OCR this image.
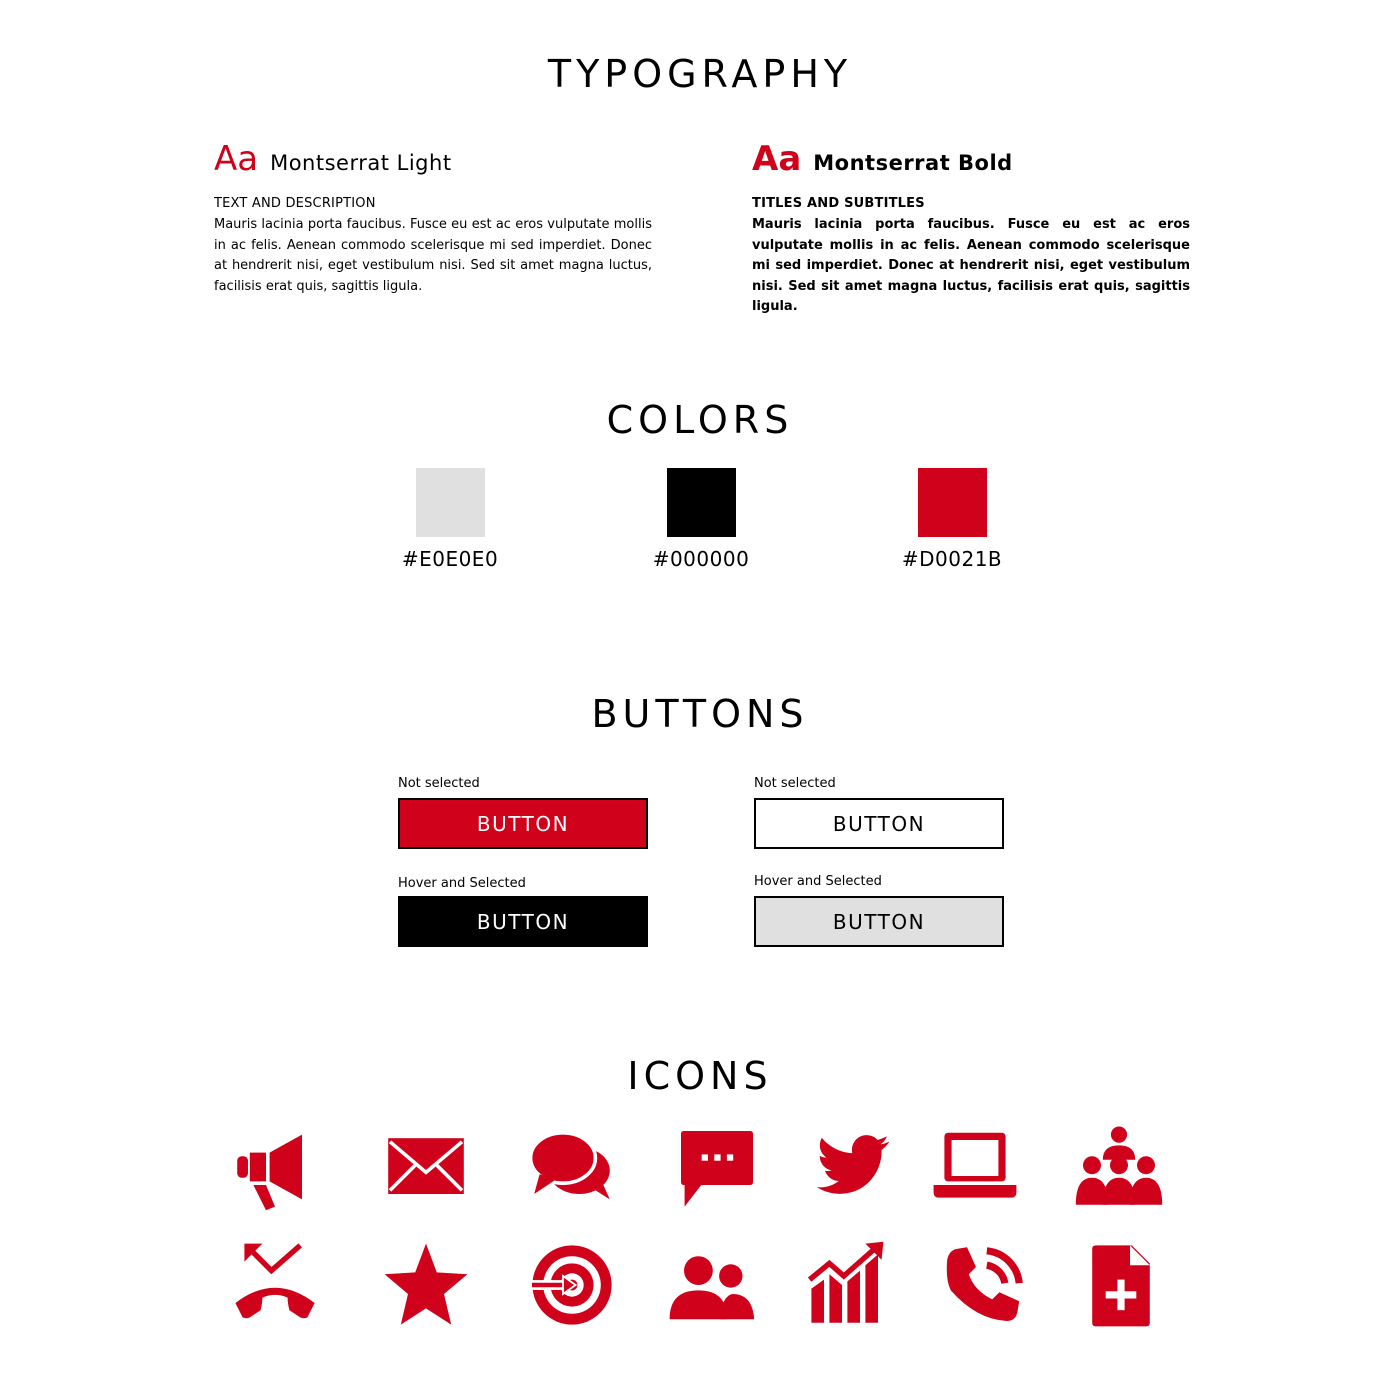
TYPOGRAPHY
Aa Montserrat Light
TEXT AND DESCRIPTION
Mauris lacinia porta faucibus. Fusce eu est ac eros vulputate mollis in ac felis. Aenean commodo scelerisque mi sed imperdiet. Donec at hendrerit nisi, eget vestibulum nisi. Sed sit amet magna luctus, facilisis erat quis, sagittis ligula.
Aa Montserrat Bold
TITLES AND SUBTITLES
Mauris lacinia porta faucibus. Fusce eu est ac eros vulputate mollis in ac felis. Aenean commodo scelerisque mi sed imperdiet. Donec at hendrerit nisi, eget vestibulum nisi. Sed sit amet magna luctus, facilisis erat quis, sagittis ligula.
COLORS
#E0E0E0	#000000	#D0021B
BUTTONS
Not selected
BUTTON
Hover and Selected
BUTTON
Not selected
BUTTON
Hover and Selected
BUTTON
ICONS
